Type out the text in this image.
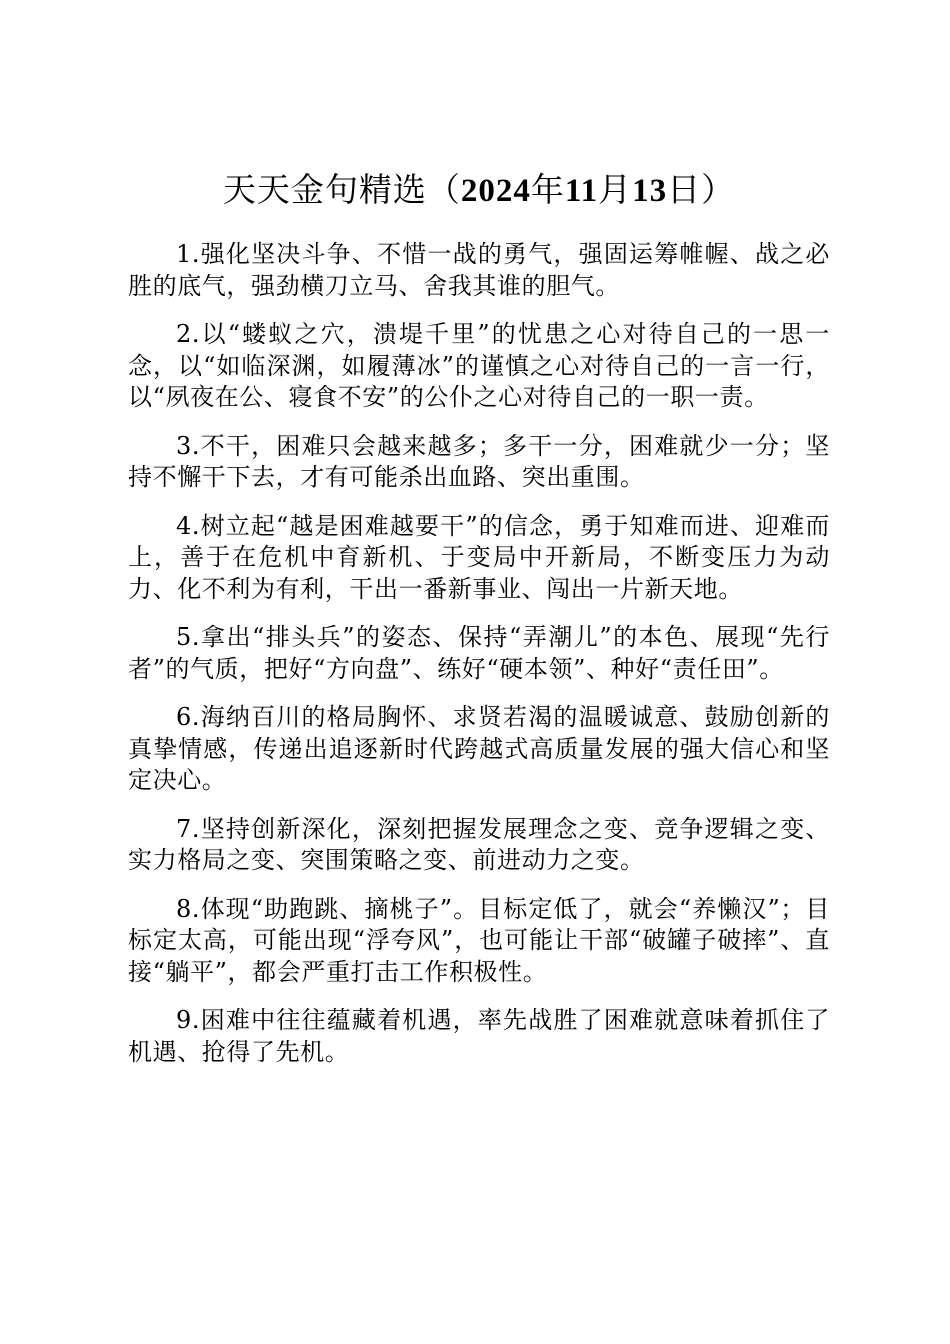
天天金句精选（2024年11月13日）

1.强化坚决斗争、不惜一战的勇气，强固运筹帷幄、战之必胜的底气，强劲横刀立马、舍我其谁的胆气。

2.以“蝼蚁之穴，溃堤千里”的忧患之心对待自己的一思一念，以“如临深渊，如履薄冰”的谨慎之心对待自己的一言一行，以“夙夜在公、寝食不安”的公仆之心对待自己的一职一责。

3.不干，困难只会越来越多；多干一分，困难就少一分；坚持不懈干下去，才有可能杀出血路、突出重围。

4.树立起“越是困难越要干”的信念，勇于知难而进、迎难而上，善于在危机中育新机、于变局中开新局，不断变压力为动力、化不利为有利，干出一番新事业、闯出一片新天地。

5.拿出“排头兵”的姿态、保持“弄潮儿”的本色、展现“先行者”的气质，把好“方向盘”、练好“硬本领”、种好“责任田”。

6.海纳百川的格局胸怀、求贤若渴的温暖诚意、鼓励创新的真挚情感，传递出追逐新时代跨越式高质量发展的强大信心和坚定决心。

7.坚持创新深化，深刻把握发展理念之变、竞争逻辑之变、实力格局之变、突围策略之变、前进动力之变。

8.体现“助跑跳、摘桃子”。目标定低了，就会“养懒汉”；目标定太高，可能出现“浮夸风”，也可能让干部“破罐子破摔”、直接“躺平”，都会严重打击工作积极性。

9.困难中往往蕴藏着机遇，率先战胜了困难就意味着抓住了机遇、抢得了先机。
